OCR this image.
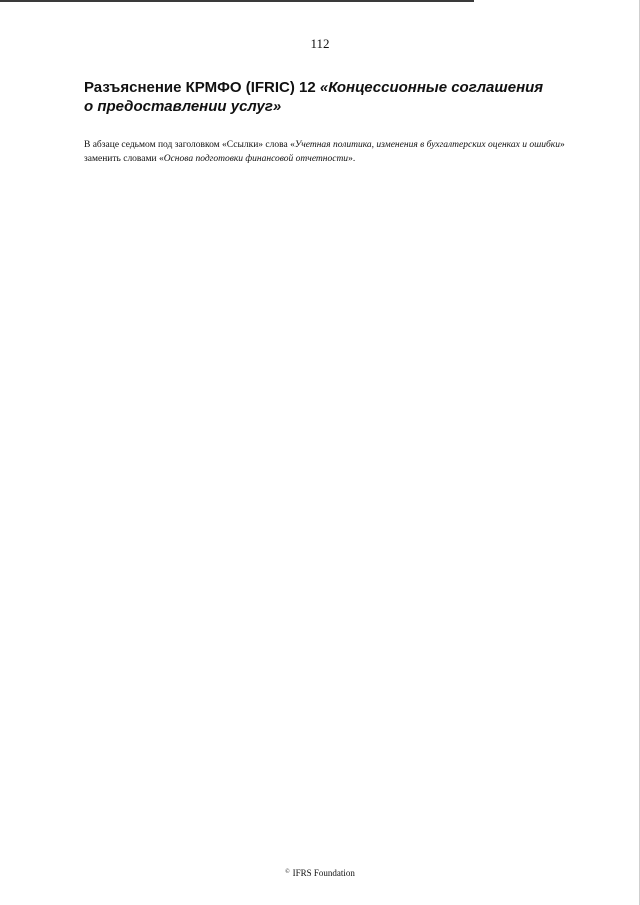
112
Разъяснение КРМФО (IFRIC) 12 «Концессионные соглашения о предоставлении услуг»

В абзаце седьмом под заголовком «Ссылки» слова «Учетная политика, изменения в бухгалтерских оценках и ошибки» заменить словами «Основа подготовки финансовой отчетности».

© IFRS Foundation
